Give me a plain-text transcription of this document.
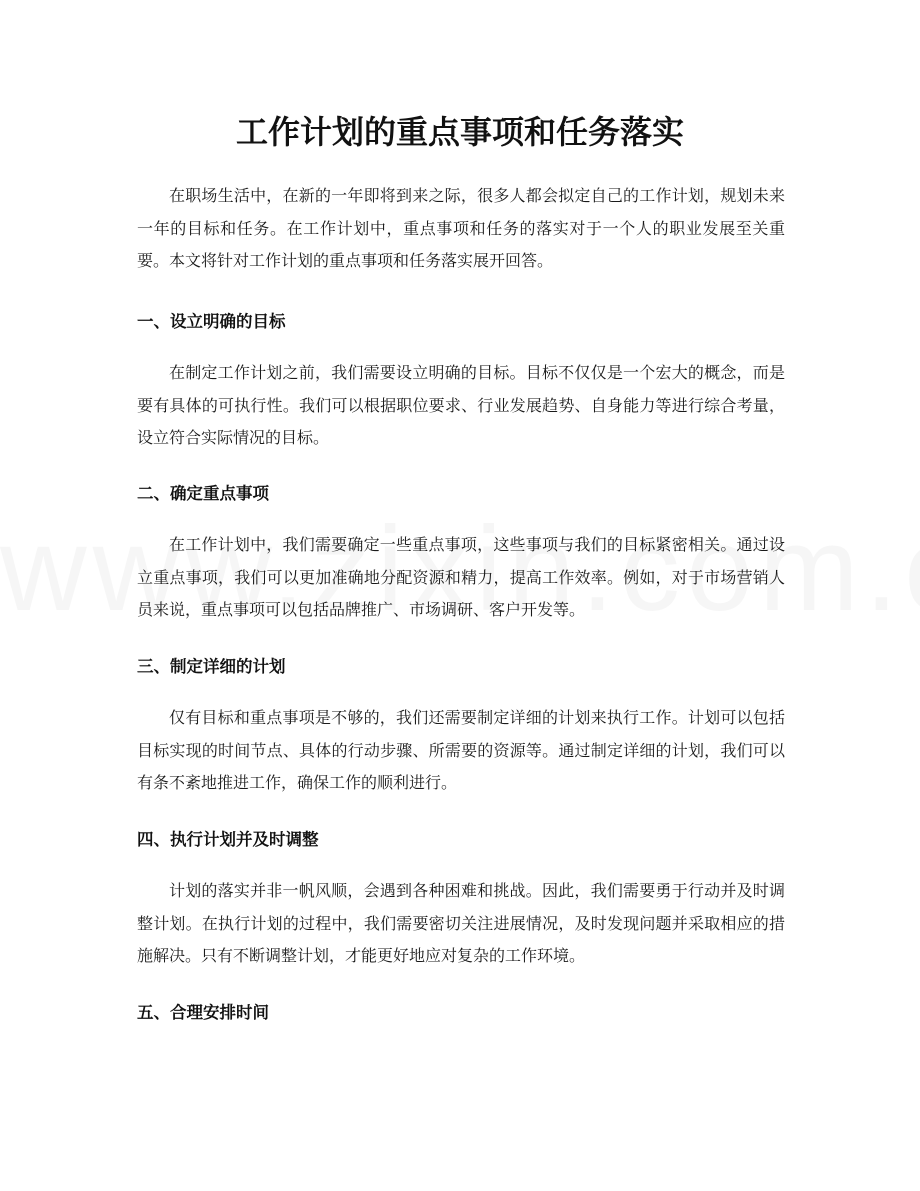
工作计划的重点事项和任务落实

在职场生活中，在新的一年即将到来之际，很多人都会拟定自己的工作计划，规划未来一年的目标和任务。在工作计划中，重点事项和任务的落实对于一个人的职业发展至关重要。本文将针对工作计划的重点事项和任务落实展开回答。

一、设立明确的目标

在制定工作计划之前，我们需要设立明确的目标。目标不仅仅是一个宏大的概念，而是要有具体的可执行性。我们可以根据职位要求、行业发展趋势、自身能力等进行综合考量，设立符合实际情况的目标。

二、确定重点事项

在工作计划中，我们需要确定一些重点事项，这些事项与我们的目标紧密相关。通过设立重点事项，我们可以更加准确地分配资源和精力，提高工作效率。例如，对于市场营销人员来说，重点事项可以包括品牌推广、市场调研、客户开发等。

三、制定详细的计划

仅有目标和重点事项是不够的，我们还需要制定详细的计划来执行工作。计划可以包括目标实现的时间节点、具体的行动步骤、所需要的资源等。通过制定详细的计划，我们可以有条不紊地推进工作，确保工作的顺利进行。

四、执行计划并及时调整

计划的落实并非一帆风顺，会遇到各种困难和挑战。因此，我们需要勇于行动并及时调整计划。在执行计划的过程中，我们需要密切关注进展情况，及时发现问题并采取相应的措施解决。只有不断调整计划，才能更好地应对复杂的工作环境。

五、合理安排时间
